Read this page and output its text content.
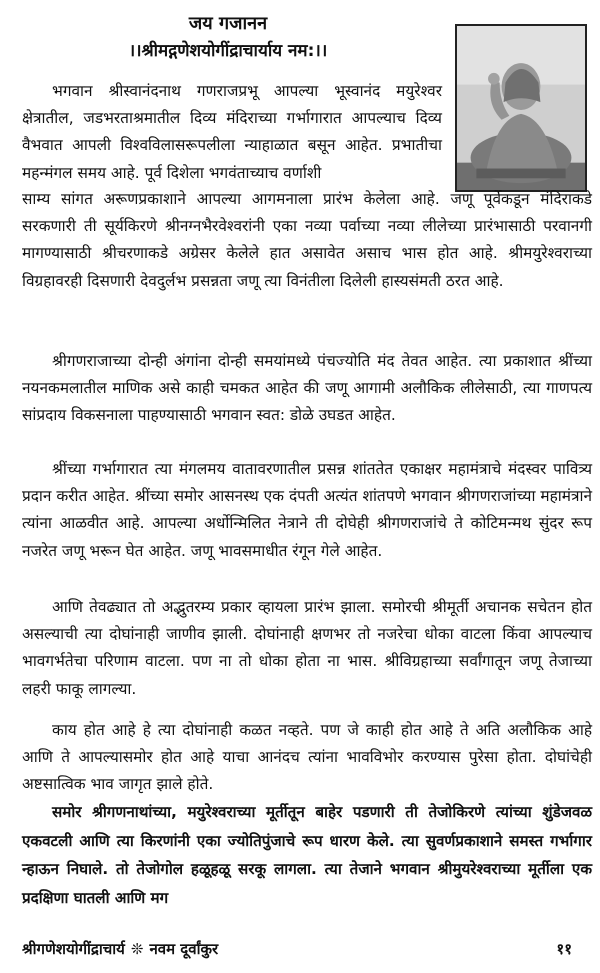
जय गजानन
।।श्रीमद्गणेशयोगींद्राचार्याय नम:।।

भगवान श्रीस्वानंदनाथ गणराजप्रभू आपल्या भूस्वानंद मयुरेश्वर क्षेत्रातील, जडभरताश्रमातील दिव्य मंदिराच्या गर्भागारात आपल्याच दिव्य वैभवात आपली विश्वविलासरूपलीला न्याहाळात बसून आहेत. प्रभातीचा महन्मंगल समय आहे. पूर्व दिशेला भगवंताच्याच वर्णाशी

साम्य सांगत अरूणप्रकाशाने आपल्या आगमनाला प्रारंभ केलेला आहे. जणू पूर्वेकडून मंदिराकडे सरकणारी ती सूर्यकिरणे श्रीनग्नभैरवेश्वरांनी एका नव्या पर्वाच्या नव्या लीलेच्या प्रारंभासाठी परवानगी मागण्यासाठी श्रीचरणाकडे अग्रेसर केलेले हात असावेत असाच भास होत आहे. श्रीमयुरेश्वराच्या विग्रहावरही दिसणारी देवदुर्लभ प्रसन्नता जणू त्या विनंतीला दिलेली हास्यसंमती ठरत आहे.

श्रीगणराजाच्या दोन्ही अंगांना दोन्ही समयांमध्ये पंचज्योति मंद तेवत आहेत. त्या प्रकाशात श्रींच्या नयनकमलातील माणिक असे काही चमकत आहेत की जणू आगामी अलौकिक लीलेसाठी, त्या गाणपत्य सांप्रदाय विकसनाला पाहण्यासाठी भगवान स्वत: डोळे उघडत आहेत.

श्रींच्या गर्भागारात त्या मंगलमय वातावरणातील प्रसन्न शांततेत एकाक्षर महामंत्राचे मंदस्वर पावित्र्य प्रदान करीत आहेत. श्रींच्या समोर आसनस्थ एक दंपती अत्यंत शांतपणे भगवान श्रीगणराजांच्या महामंत्राने त्यांना आळवीत आहे. आपल्या अर्धोन्मिलित नेत्राने ती दोघेही श्रीगणराजांचे ते कोटिमन्मथ सुंदर रूप नजरेत जणू भरून घेत आहेत. जणू भावसमाधीत रंगून गेले आहेत.

आणि तेवढ्यात तो अद्भुतरम्य प्रकार व्हायला प्रारंभ झाला. समोरची श्रीमूर्ती अचानक सचेतन होत असल्याची त्या दोघांनाही जाणीव झाली. दोघांनाही क्षणभर तो नजरेचा धोका वाटला किंवा आपल्याच भावगर्भतेचा परिणाम वाटला. पण ना तो धोका होता ना भास. श्रीविग्रहाच्या सर्वांगातून जणू तेजाच्या लहरी फाकू लागल्या.

काय होत आहे हे त्या दोघांनाही कळत नव्हते. पण जे काही होत आहे ते अति अलौकिक आहे आणि ते आपल्यासमोर होत आहे याचा आनंदच त्यांना भावविभोर करण्यास पुरेसा होता. दोघांचेही अष्टसात्विक भाव जागृत झाले होते.

समोर श्रीगणनाथांच्या, मयुरेश्वराच्या मूर्तीतून बाहेर पडणारी ती तेजोकिरणे त्यांच्या शुंडेजवळ एकवटली आणि त्या किरणांनी एका ज्योतिपुंजाचे रूप धारण केले. त्या सुवर्णप्रकाशाने समस्त गर्भागार न्हाऊन निघाले. तो तेजोगोल हळूहळू सरकू लागला. त्या तेजाने भगवान श्रीमुयरेश्वराच्या मूर्तीला एक प्रदक्षिणा घातली आणि मग

श्रीगणेशयोगींद्राचार्य ❊ नवम दूर्वांकुर	११
